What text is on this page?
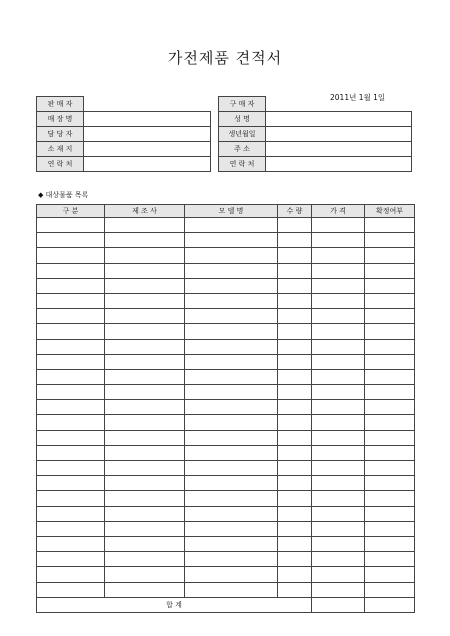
가전제품 견적서
2011년 1월 1일
판 매 자	
매 장 명	
담 당 자	
소 재 지	
연 락 처	
구 매 자	
성 명	
생년월일	
주 소	
연 락 처	
◆ 대상물품 목록
구 분	제 조 사	모 델 명	수 량	가 격	확정여부

합 계					
